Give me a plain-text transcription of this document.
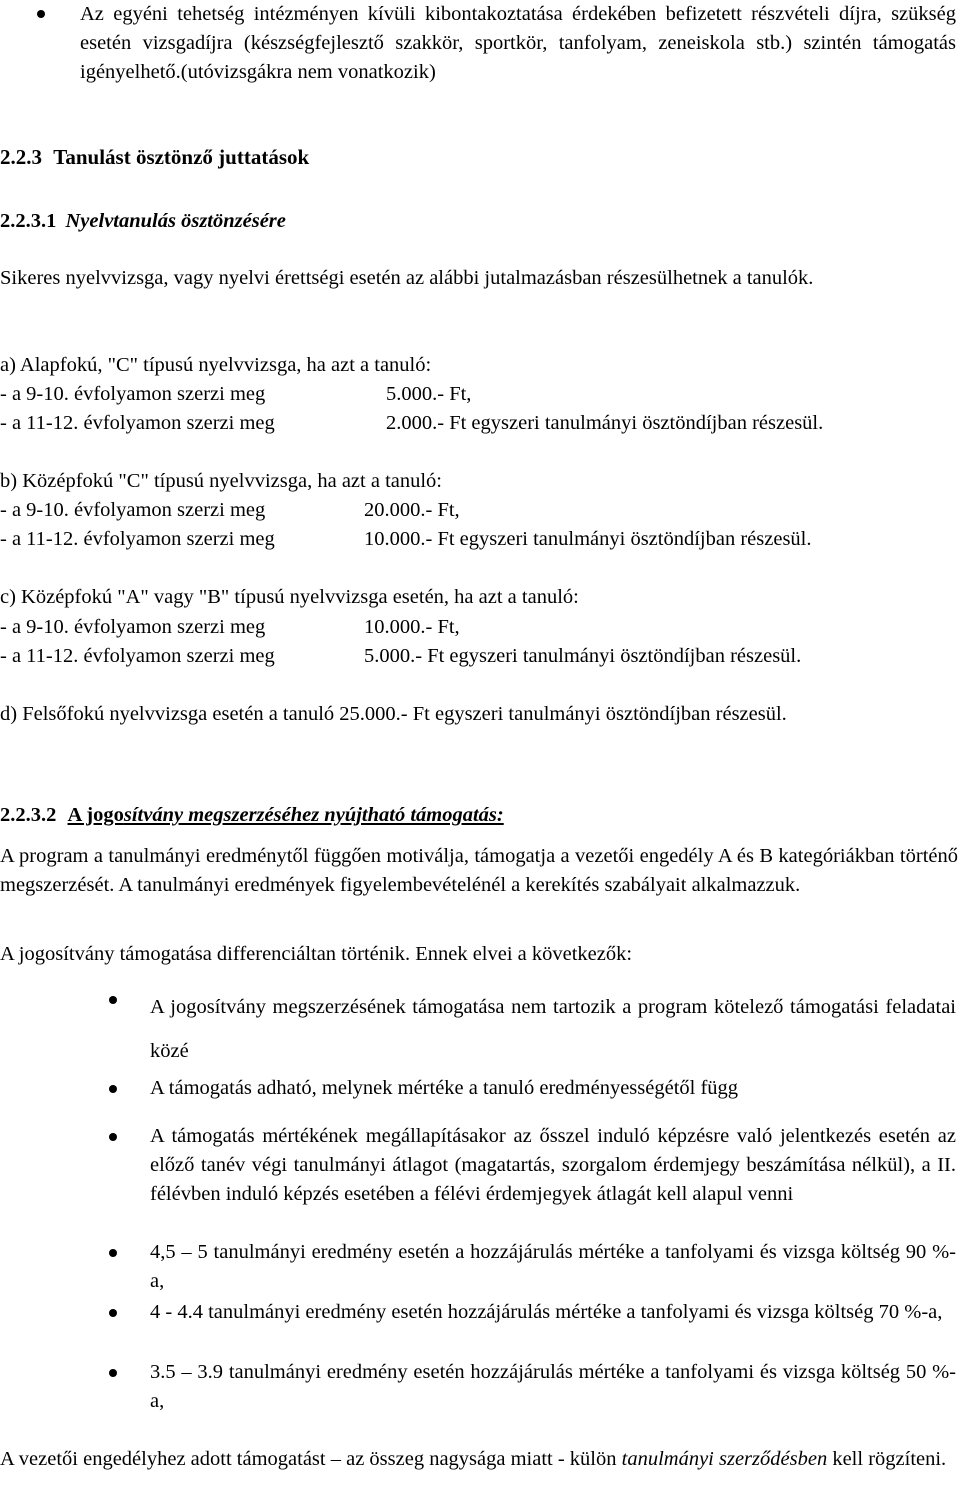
Az egyéni tehetség intézményen kívüli kibontakoztatása érdekében befizetett részvételi díjra, szükség esetén vizsgadíjra (készségfejlesztő szakkör, sportkör, tanfolyam, zeneiskola stb.) szintén támogatás igényelhető.(utóvizsgákra nem vonatkozik)
2.2.3 Tanulást ösztönző juttatások
2.2.3.1 Nyelvtanulás ösztönzésére
Sikeres nyelvvizsga, vagy nyelvi érettségi esetén az alábbi jutalmazásban részesülhetnek a tanulók.
a) Alapfokú, "C" típusú nyelvvizsga, ha azt a tanuló:
- a 9-10. évfolyamon szerzi meg	5.000.- Ft,
- a 11-12. évfolyamon szerzi meg	2.000.- Ft egyszeri tanulmányi ösztöndíjban részesül.
b) Középfokú "C" típusú nyelvvizsga, ha azt a tanuló:
- a 9-10. évfolyamon szerzi meg	20.000.- Ft,
- a 11-12. évfolyamon szerzi meg	10.000.- Ft egyszeri tanulmányi ösztöndíjban részesül.
c) Középfokú "A" vagy "B" típusú nyelvvizsga esetén, ha azt a tanuló:
- a 9-10. évfolyamon szerzi meg	10.000.- Ft,
- a 11-12. évfolyamon szerzi meg	5.000.- Ft egyszeri tanulmányi ösztöndíjban részesül.
d) Felsőfokú nyelvvizsga esetén a tanuló 25.000.- Ft egyszeri tanulmányi ösztöndíjban részesül.
2.2.3.2 A jogosítvány megszerzéséhez nyújtható támogatás:
A program a tanulmányi eredménytől függően motiválja, támogatja a vezetői engedély A és B kategóriákban történő megszerzését. A tanulmányi eredmények figyelembevételénél a kerekítés szabályait alkalmazzuk.
A jogosítvány támogatása differenciáltan történik. Ennek elvei a következők:
A jogosítvány megszerzésének támogatása nem tartozik a program kötelező támogatási feladatai közé
A támogatás adható, melynek mértéke a tanuló eredményességétől függ
A támogatás mértékének megállapításakor az ősszel induló képzésre való jelentkezés esetén az előző tanév végi tanulmányi átlagot (magatartás, szorgalom érdemjegy beszámítása nélkül), a II. félévben induló képzés esetében a félévi érdemjegyek átlagát kell alapul venni
4,5 – 5 tanulmányi eredmény esetén a hozzájárulás mértéke a tanfolyami és vizsga költség 90 %-a,
4 - 4.4 tanulmányi eredmény esetén hozzájárulás mértéke a tanfolyami és vizsga költség 70 %-a,
3.5 – 3.9 tanulmányi eredmény esetén hozzájárulás mértéke a tanfolyami és vizsga költség 50 %-a,
A vezetői engedélyhez adott támogatást – az összeg nagysága miatt - külön tanulmányi szerződésben kell rögzíteni.
